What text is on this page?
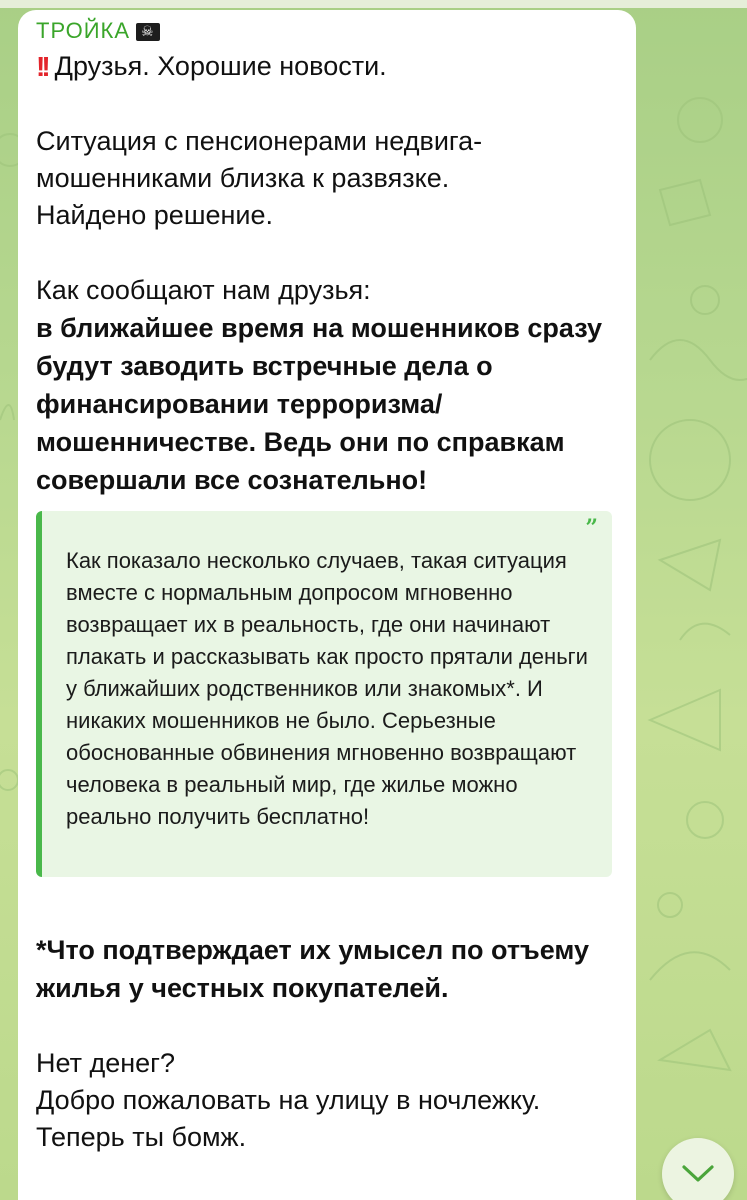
ТРОЙКА
☠
!! Друзья. Хорошие новости.
Ситуация с пенсионерами недвига-мошенниками близка к развязке. Найдено решение.
Как сообщают нам друзья:
в ближайшее время на мошенников сразу будут заводить встречные дела о финансировании терроризма/ мошенничестве. Ведь они по справкам совершали все сознательно!
”
Как показало несколько случаев, такая ситуация вместе с нормальным допросом мгновенно возвращает их в реальность, где они начинают плакать и рассказывать как просто прятали деньги у ближайших родственников или знакомых*. И никаких мошенников не было. Серьезные обоснованные обвинения мгновенно возвращают человека в реальный мир, где жилье можно реально получить бесплатно!
*Что подтверждает их умысел по отъему жилья у честных покупателей.
Нет денег?
Добро пожаловать на улицу в ночлежку.
Теперь ты бомж.
